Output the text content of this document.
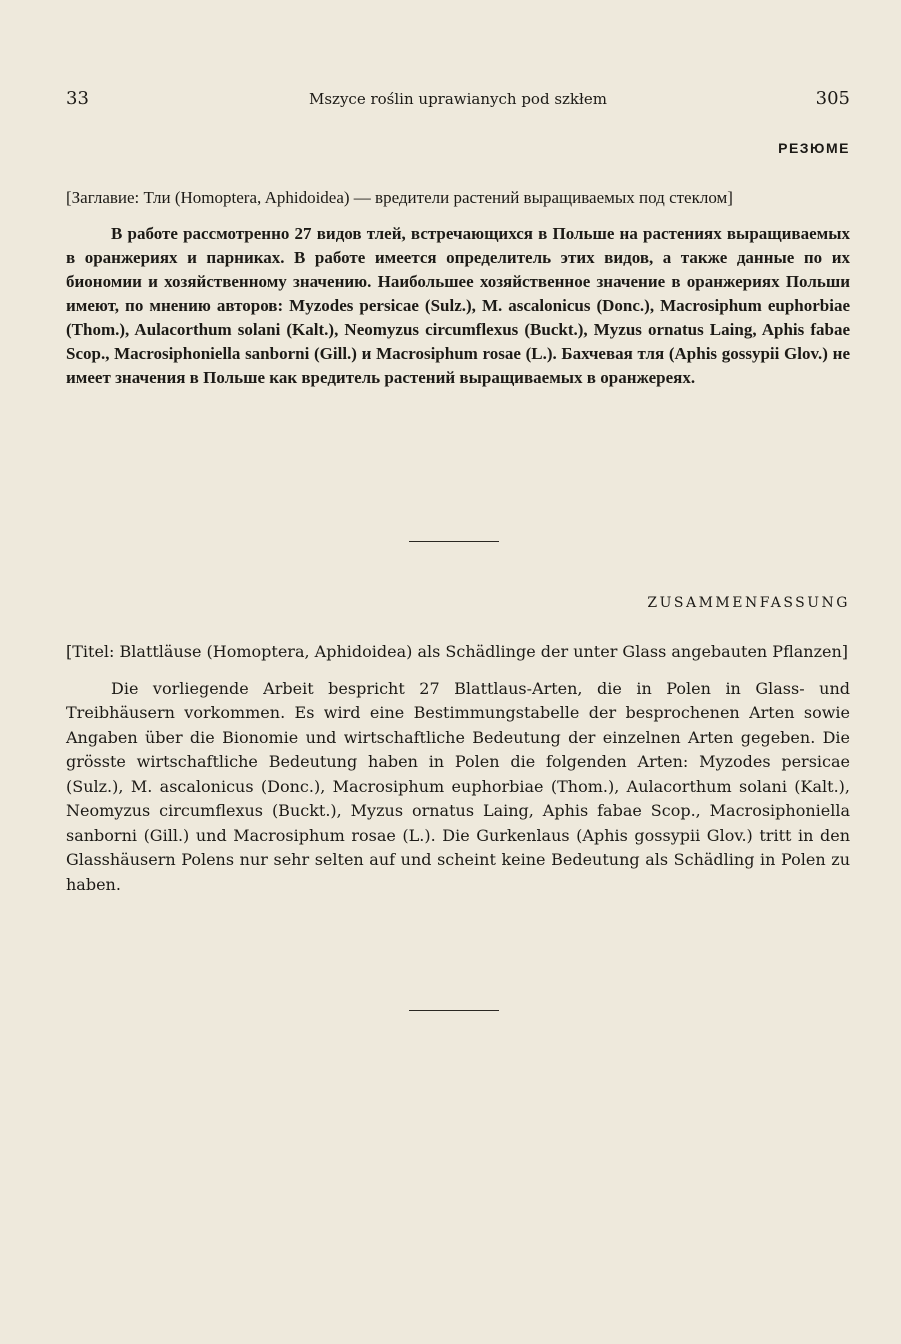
33	Mszyce roślin uprawianych pod szkłem	305
РЕЗЮМЕ

[Заглавие: Тли (Homoptera, Aphidoidea) — вредители растений выращиваемых под стеклом]

В работе рассмотренно 27 видов тлей, встречающихся в Польше на растениях выращиваемых в оранжериях и парниках. В работе имеется определитель этих видов, а также данные по их биономии и хозяйственному значению. Наибольшее хозяйственное значение в оранжериях Польши имеют, по мнению авторов: Myzodes persicae (Sulz.), M. ascalonicus (Donc.), Macrosiphum euphorbiae (Thom.), Aulacorthum solani (Kalt.), Neomyzus circumflexus (Buckt.), Myzus ornatus Laing, Aphis fabae Scop., Macrosiphoniella sanborni (Gill.) и Macrosiphum rosae (L.). Бахчевая тля (Aphis gossypii Glov.) не имеет значения в Польше как вредитель растений выращиваемых в оранжереях.

ZUSAMMENFASSUNG

[Titel: Blattläuse (Homoptera, Aphidoidea) als Schädlinge der unter Glass angebauten Pflanzen]

Die vorliegende Arbeit bespricht 27 Blattlaus-Arten, die in Polen in Glass- und Treibhäusern vorkommen. Es wird eine Bestimmungstabelle der besprochenen Arten sowie Angaben über die Bionomie und wirtschaftliche Bedeutung der einzelnen Arten gegeben. Die grösste wirtschaftliche Bedeutung haben in Polen die folgenden Arten: Myzodes persicae (Sulz.), M. ascalonicus (Donc.), Macrosiphum euphorbiae (Thom.), Aulacorthum solani (Kalt.), Neomyzus circumflexus (Buckt.), Myzus ornatus Laing, Aphis fabae Scop., Macrosiphoniella sanborni (Gill.) und Macrosiphum rosae (L.). Die Gurkenlaus (Aphis gossypii Glov.) tritt in den Glasshäusern Polens nur sehr selten auf und scheint keine Bedeutung als Schädling in Polen zu haben.
